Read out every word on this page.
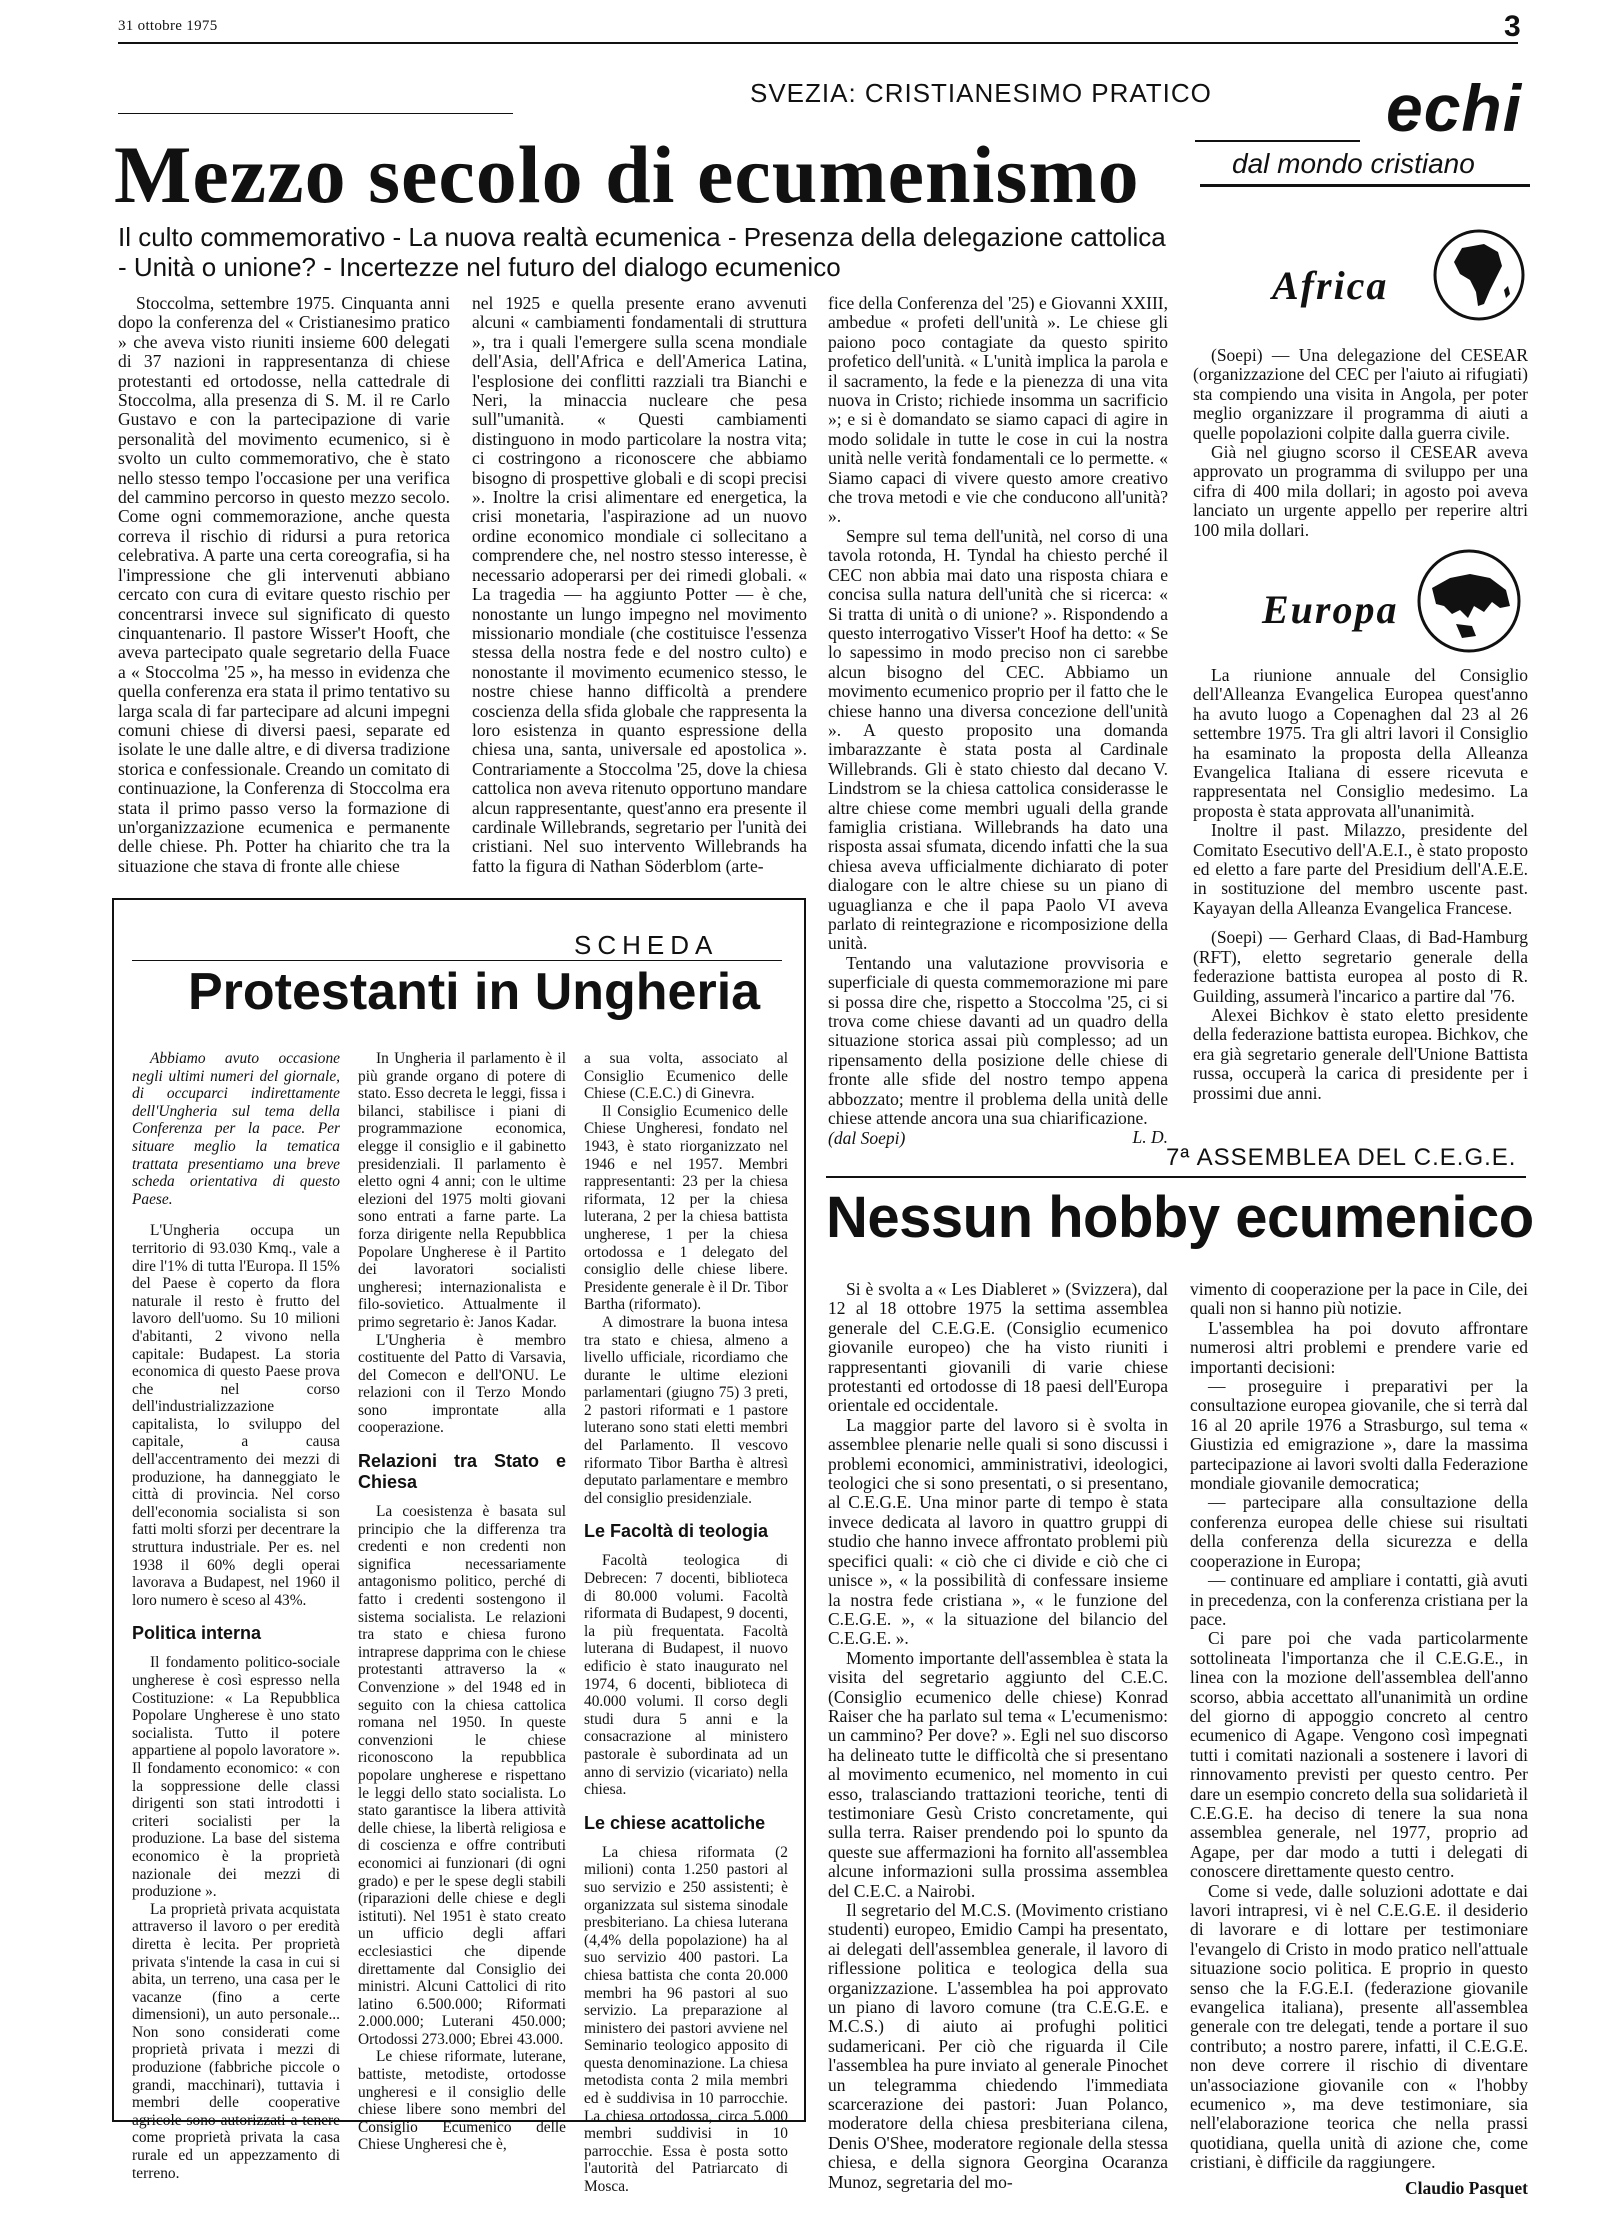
31 ottobre 1975	3
SVEZIA: CRISTIANESIMO PRATICO
Mezzo secolo di ecumenismo
Il culto commemorativo - La nuova realtà ecumenica - Presenza della delegazione cattolica - Unità o unione? - Incertezze nel futuro del dialogo ecumenico

Stoccolma, settembre 1975. Cinquanta anni dopo la conferenza del « Cristianesimo pratico » che aveva visto riuniti insieme 600 delegati di 37 nazioni in rappresentanza di chiese protestanti ed ortodosse, nella cattedrale di Stoccolma, alla presenza di S. M. il re Carlo Gustavo e con la partecipazione di varie personalità del movimento ecumenico, si è svolto un culto commemorativo, che è stato nello stesso tempo l'occasione per una verifica del cammino percorso in questo mezzo secolo. Come ogni commemorazione, anche questa correva il rischio di ridursi a pura retorica celebrativa. A parte una certa coreografia, si ha l'impressione che gli intervenuti abbiano cercato con cura di evitare questo rischio per concentrarsi invece sul significato di questo cinquantenario. Il pastore Wisser't Hooft, che aveva partecipato quale segretario della Fuace a « Stoccolma '25 », ha messo in evidenza che quella conferenza era stata il primo tentativo su larga scala di far partecipare ad alcuni impegni comuni chiese di diversi paesi, separate ed isolate le une dalle altre, e di diversa tradizione storica e confessionale. Creando un comitato di continuazione, la Conferenza di Stoccolma era stata il primo passo verso la formazione di un'organizzazione ecumenica e permanente delle chiese. Ph. Potter ha chiarito che tra la situazione che stava di fronte alle chiese

nel 1925 e quella presente erano avvenuti alcuni « cambiamenti fondamentali di struttura », tra i quali l'emergere sulla scena mondiale dell'Asia, dell'Africa e dell'America Latina, l'esplosione dei conflitti razziali tra Bianchi e Neri, la minaccia nucleare che pesa sull''umanità. « Questi cambiamenti distinguono in modo particolare la nostra vita; ci costringono a riconoscere che abbiamo bisogno di prospettive globali e di scopi precisi ». Inoltre la crisi alimentare ed energetica, la crisi monetaria, l'aspirazione ad un nuovo ordine economico mondiale ci sollecitano a comprendere che, nel nostro stesso interesse, è necessario adoperarsi per dei rimedi globali. « La tragedia — ha aggiunto Potter — è che, nonostante un lungo impegno nel movimento missionario mondiale (che costituisce l'essenza stessa della nostra fede e del nostro culto) e nonostante il movimento ecumenico stesso, le nostre chiese hanno difficoltà a prendere coscienza della sfida globale che rappresenta la loro esistenza in quanto espressione della chiesa una, santa, universale ed apostolica ». Contrariamente a Stoccolma '25, dove la chiesa cattolica non aveva ritenuto opportuno mandare alcun rappresentante, quest'anno era presente il cardinale Willebrands, segretario per l'unità dei cristiani. Nel suo intervento Willebrands ha fatto la figura di Nathan Söderblom (arte-

fice della Conferenza del '25) e Giovanni XXIII, ambedue « profeti dell'unità ». Le chiese gli paiono poco contagiate da questo spirito profetico dell'unità. « L'unità implica la parola e il sacramento, la fede e la pienezza di una vita nuova in Cristo; richiede insomma un sacrificio »; e si è domandato se siamo capaci di agire in modo solidale in tutte le cose in cui la nostra unità nelle verità fondamentali ce lo permette. « Siamo capaci di vivere questo amore creativo che trova metodi e vie che conducono all'unità? ».

Sempre sul tema dell'unità, nel corso di una tavola rotonda, H. Tyndal ha chiesto perché il CEC non abbia mai dato una risposta chiara e concisa sulla natura dell'unità che si ricerca: « Si tratta di unità o di unione? ». Rispondendo a questo interrogativo Visser't Hoof ha detto: « Se lo sapessimo in modo preciso non ci sarebbe alcun bisogno del CEC. Abbiamo un movimento ecumenico proprio per il fatto che le chiese hanno una diversa concezione dell'unità ». A questo proposito una domanda imbarazzante è stata posta al Cardinale Willebrands. Gli è stato chiesto dal decano V. Lindstrom se la chiesa cattolica considerasse le altre chiese come membri uguali della grande famiglia cristiana. Willebrands ha dato una risposta assai sfumata, dicendo infatti che la sua chiesa aveva ufficialmente dichiarato di poter dialogare con le altre chiese su un piano di uguaglianza e che il papa Paolo VI aveva parlato di reintegrazione e ricomposizione della unità.

Tentando una valutazione provvisoria e superficiale di questa commemorazione mi pare si possa dire che, rispetto a Stoccolma '25, ci si trova come chiese davanti ad un quadro della situazione storica assai più complesso; ad un ripensamento della posizione delle chiese di fronte alle sfide del nostro tempo appena abbozzato; mentre il problema della unità delle chiese attende ancora una sua chiarificazione.

L. D.
(dal Soepi)
echi
dal mondo cristiano
Africa

(Soepi) — Una delegazione del CESEAR (organizzazione del CEC per l'aiuto ai rifugiati) sta compiendo una visita in Angola, per poter meglio organizzare il programma di aiuti a quelle popolazioni colpite dalla guerra civile.

Già nel giugno scorso il CESEAR aveva approvato un programma di sviluppo per una cifra di 400 mila dollari; in agosto poi aveva lanciato un urgente appello per reperire altri 100 mila dollari.

Europa

La riunione annuale del Consiglio dell'Alleanza Evangelica Europea quest'anno ha avuto luogo a Copenaghen dal 23 al 26 settembre 1975. Tra gli altri lavori il Consiglio ha esaminato la proposta della Alleanza Evangelica Italiana di essere ricevuta e rappresentata nel Consiglio medesimo. La proposta è stata approvata all'unanimità.

Inoltre il past. Milazzo, presidente del Comitato Esecutivo dell'A.E.I., è stato proposto ed eletto a fare parte del Presidium dell'A.E.E. in sostituzione del membro uscente past. Kayayan della Alleanza Evangelica Francese.

(Soepi) — Gerhard Claas, di Bad-Hamburg (RFT), eletto segretario generale della federazione battista europea al posto di R. Guilding, assumerà l'incarico a partire dal '76.

Alexei Bichkov è stato eletto presidente della federazione battista europea. Bichkov, che era già segretario generale dell'Unione Battista russa, occuperà la carica di presidente per i prossimi due anni.

SCHEDA
Protestanti in Ungheria

Abbiamo avuto occasione negli ultimi numeri del giornale, di occuparci indirettamente dell'Ungheria sul tema della Conferenza per la pace. Per situare meglio la tematica trattata presentiamo una breve scheda orientativa di questo Paese.

L'Ungheria occupa un territorio di 93.030 Kmq., vale a dire l'1% di tutta l'Europa. Il 15% del Paese è coperto da flora naturale il resto è frutto del lavoro dell'uomo. Su 10 milioni d'abitanti, 2 vivono nella capitale: Budapest. La storia economica di questo Paese prova che nel corso dell'industrializzazione capitalista, lo sviluppo del capitale, a causa dell'accentramento dei mezzi di produzione, ha danneggiato le città di provincia. Nel corso dell'economia socialista si son fatti molti sforzi per decentrare la struttura industriale. Per es. nel 1938 il 60% degli operai lavorava a Budapest, nel 1960 il loro numero è sceso al 43%.

Politica interna

Il fondamento politico-sociale ungherese è così espresso nella Costituzione: « La Repubblica Popolare Ungherese è uno stato socialista. Tutto il potere appartiene al popolo lavoratore ». Il fondamento economico: « con la soppressione delle classi dirigenti son stati introdotti i criteri socialisti per la produzione. La base del sistema economico è la proprietà nazionale dei mezzi di produzione ».

La proprietà privata acquistata attraverso il lavoro o per eredità diretta è lecita. Per proprietà privata s'intende la casa in cui si abita, un terreno, una casa per le vacanze (fino a certe dimensioni), un auto personale... Non sono considerati come proprietà privata i mezzi di produzione (fabbriche piccole o grandi, macchinari), tuttavia i membri delle cooperative agricole sono autorizzati a tenere come proprietà privata la casa rurale ed un appezzamento di terreno.

In Ungheria il parlamento è il più grande organo di potere di stato. Esso decreta le leggi, fissa i bilanci, stabilisce i piani di programmazione economica, elegge il consiglio e il gabinetto presidenziali. Il parlamento è eletto ogni 4 anni; con le ultime elezioni del 1975 molti giovani sono entrati a farne parte. La forza dirigente nella Repubblica Popolare Ungherese è il Partito dei lavoratori socialisti ungheresi; internazionalista e filo-sovietico. Attualmente il primo segretario è: Janos Kadar.

L'Ungheria è membro costituente del Patto di Varsavia, del Comecon e dell'ONU. Le relazioni con il Terzo Mondo sono improntate alla cooperazione.

Relazioni tra Stato e Chiesa

La coesistenza è basata sul principio che la differenza tra credenti e non credenti non significa necessariamente antagonismo politico, perché di fatto i credenti sostengono il sistema socialista. Le relazioni tra stato e chiesa furono intraprese dapprima con le chiese protestanti attraverso la « Convenzione » del 1948 ed in seguito con la chiesa cattolica romana nel 1950. In queste convenzioni le chiese riconoscono la repubblica popolare ungherese e rispettano le leggi dello stato socialista. Lo stato garantisce la libera attività delle chiese, la libertà religiosa e di coscienza e offre contributi economici ai funzionari (di ogni grado) e per le spese degli stabili (riparazioni delle chiese e degli istituti). Nel 1951 è stato creato un ufficio degli affari ecclesiastici che dipende direttamente dal Consiglio dei ministri. Alcuni Cattolici di rito latino 6.500.000; Riformati 2.000.000; Luterani 450.000; Ortodossi 273.000; Ebrei 43.000.

Le chiese riformate, luterane, battiste, metodiste, ortodosse ungheresi e il consiglio delle chiese libere sono membri del Consiglio Ecumenico delle Chiese Ungheresi che è,

a sua volta, associato al Consiglio Ecumenico delle Chiese (C.E.C.) di Ginevra.

Il Consiglio Ecumenico delle Chiese Ungheresi, fondato nel 1943, è stato riorganizzato nel 1946 e nel 1957. Membri rappresentanti: 23 per la chiesa riformata, 12 per la chiesa luterana, 2 per la chiesa battista ungherese, 1 per la chiesa ortodossa e 1 delegato del consiglio delle chiese libere. Presidente generale è il Dr. Tibor Bartha (riformato).

A dimostrare la buona intesa tra stato e chiesa, almeno a livello ufficiale, ricordiamo che durante le ultime elezioni parlamentari (giugno 75) 3 preti, 2 pastori riformati e 1 pastore luterano sono stati eletti membri del Parlamento. Il vescovo riformato Tibor Bartha è altresì deputato parlamentare e membro del consiglio presidenziale.

Le Facoltà di teologia

Facoltà teologica di Debrecen: 7 docenti, biblioteca di 80.000 volumi. Facoltà riformata di Budapest, 9 docenti, la più frequentata. Facoltà luterana di Budapest, il nuovo edificio è stato inaugurato nel 1974, 6 docenti, biblioteca di 40.000 volumi. Il corso degli studi dura 5 anni e la consacrazione al ministero pastorale è subordinata ad un anno di servizio (vicariato) nella chiesa.

Le chiese acattoliche

La chiesa riformata (2 milioni) conta 1.250 pastori al suo servizio e 250 assistenti; è organizzata sul sistema sinodale presbiteriano. La chiesa luterana (4,4% della popolazione) ha al suo servizio 400 pastori. La chiesa battista che conta 20.000 membri ha 96 pastori al suo servizio. La preparazione al ministero dei pastori avviene nel Seminario teologico apposito di questa denominazione. La chiesa metodista conta 2 mila membri ed è suddivisa in 10 parrocchie. La chiesa ortodossa, circa 5.000 membri suddivisi in 10 parrocchie. Essa è posta sotto l'autorità del Patriarcato di Mosca.

7ª ASSEMBLEA DEL C.E.G.E.
Nessun hobby ecumenico

Si è svolta a « Les Diableret » (Svizzera), dal 12 al 18 ottobre 1975 la settima assemblea generale del C.E.G.E. (Consiglio ecumenico giovanile europeo) che ha visto riuniti i rappresentanti giovanili di varie chiese protestanti ed ortodosse di 18 paesi dell'Europa orientale ed occidentale.

La maggior parte del lavoro si è svolta in assemblee plenarie nelle quali si sono discussi i problemi economici, amministrativi, ideologici, teologici che si sono presentati, o si presentano, al C.E.G.E. Una minor parte di tempo è stata invece dedicata al lavoro in quattro gruppi di studio che hanno invece affrontato problemi più specifici quali: « ciò che ci divide e ciò che ci unisce », « la possibilità di confessare insieme la nostra fede cristiana », « le funzione del C.E.G.E. », « la situazione del bilancio del C.E.G.E. ».

Momento importante dell'assemblea è stata la visita del segretario aggiunto del C.E.C. (Consiglio ecumenico delle chiese) Konrad Raiser che ha parlato sul tema « L'ecumenismo: un cammino? Per dove? ». Egli nel suo discorso ha delineato tutte le difficoltà che si presentano al movimento ecumenico, nel momento in cui esso, tralasciando trattazioni teoriche, tenti di testimoniare Gesù Cristo concretamente, qui sulla terra. Raiser prendendo poi lo spunto da queste sue affermazioni ha fornito all'assemblea alcune informazioni sulla prossima assemblea del C.E.C. a Nairobi.

Il segretario del M.C.S. (Movimento cristiano studenti) europeo, Emidio Campi ha presentato, ai delegati dell'assemblea generale, il lavoro di riflessione politica e teologica della sua organizzazione. L'assemblea ha poi approvato un piano di lavoro comune (tra C.E.G.E. e M.C.S.) di aiuto ai profughi politici sudamericani. Per ciò che riguarda il Cile l'assemblea ha pure inviato al generale Pinochet un telegramma chiedendo l'immediata scarcerazione dei pastori: Juan Polanco, moderatore della chiesa presbiteriana cilena, Denis O'Shee, moderatore regionale della stessa chiesa, e della signora Georgina Ocaranza Munoz, segretaria del mo-

vimento di cooperazione per la pace in Cile, dei quali non si hanno più notizie.

L'assemblea ha poi dovuto affrontare numerosi altri problemi e prendere varie ed importanti decisioni:

— proseguire i preparativi per la consultazione europea giovanile, che si terrà dal 16 al 20 aprile 1976 a Strasburgo, sul tema « Giustizia ed emigrazione », dare la massima partecipazione ai lavori svolti dalla Federazione mondiale giovanile democratica;

— partecipare alla consultazione della conferenza europea delle chiese sui risultati della conferenza della sicurezza e della cooperazione in Europa;

— continuare ed ampliare i contatti, già avuti in precedenza, con la conferenza cristiana per la pace.

Ci pare poi che vada particolarmente sottolineata l'importanza che il C.E.G.E., in linea con la mozione dell'assemblea dell'anno scorso, abbia accettato all'unanimità un ordine del giorno di appoggio concreto al centro ecumenico di Agape. Vengono così impegnati tutti i comitati nazionali a sostenere i lavori di rinnovamento previsti per questo centro. Per dare un esempio concreto della sua solidarietà il C.E.G.E. ha deciso di tenere la sua nona assemblea generale, nel 1977, proprio ad Agape, per dar modo a tutti i delegati di conoscere direttamente questo centro.

Come si vede, dalle soluzioni adottate e dai lavori intrapresi, vi è nel C.E.G.E. il desiderio di lavorare e di lottare per testimoniare l'evangelo di Cristo in modo pratico nell'attuale situazione socio politica. E proprio in questo senso che la F.G.E.I. (federazione giovanile evangelica italiana), presente all'assemblea generale con tre delegati, tende a portare il suo contributo; a nostro parere, infatti, il C.E.G.E. non deve correre il rischio di diventare un'associazione giovanile con « l'hobby ecumenico », ma deve testimoniare, sia nell'elaborazione teorica che nella prassi quotidiana, quella unità di azione che, come cristiani, è difficile da raggiungere.

Claudio Pasquet
